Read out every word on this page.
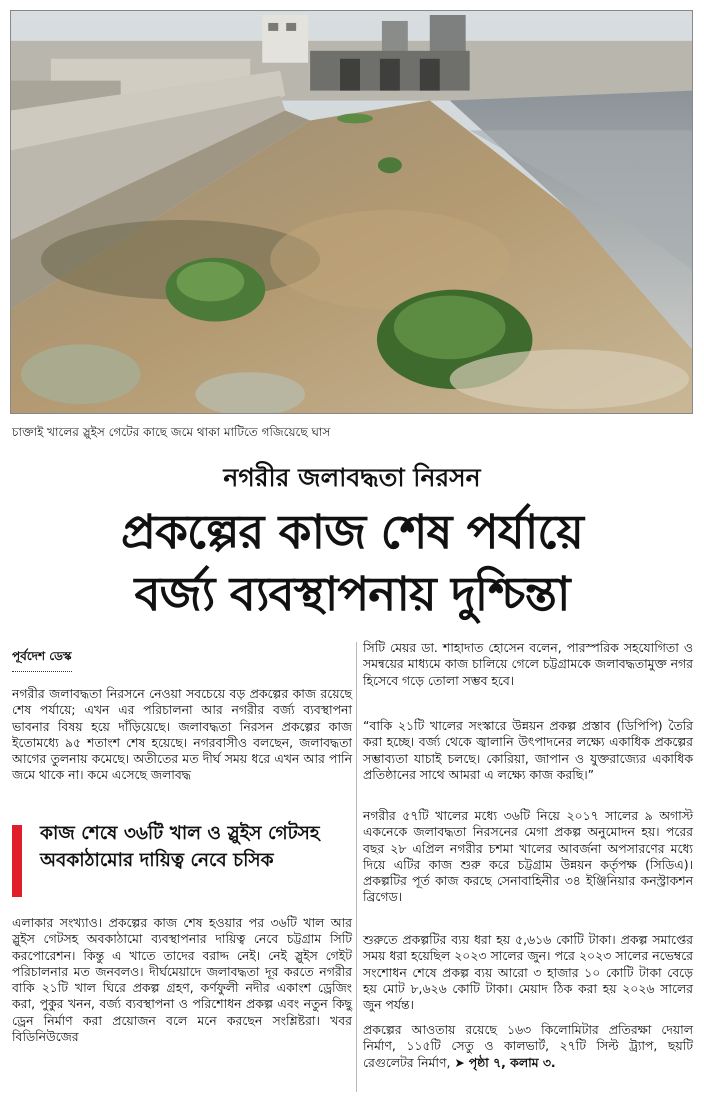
চাক্তাই খালের স্লুইস গেটের কাছে জমে থাকা মাটিতে গজিয়েছে ঘাস
নগরীর জলাবদ্ধতা নিরসন
প্রকল্পের কাজ শেষ পর্যায়ে
বর্জ্য ব্যবস্থাপনায় দুশ্চিন্তা
পূর্বদেশ ডেস্ক

নগরীর জলাবদ্ধতা নিরসনে নেওয়া সবচেয়ে বড় প্রকল্পের কাজ রয়েছে শেষ পর্যায়ে; এখন এর পরিচালনা আর নগরীর বর্জ্য ব্যবস্থাপনা ভাবনার বিষয় হয়ে দাঁড়িয়েছে। জলাবদ্ধতা নিরসন প্রকল্পের কাজ ইতোমধ্যে ৯৫ শতাংশ শেষ হয়েছে। নগরবাসীও বলছেন, জলাবদ্ধতা আগের তুলনায় কমেছে। অতীতের মত দীর্ঘ সময় ধরে এখন আর পানি জমে থাকে না। কমে এসেছে জলাবদ্ধ

কাজ শেষে ৩৬টি খাল ও স্লুইস গেটসহ অবকাঠামোর দায়িত্ব নেবে চসিক

এলাকার সংখ্যাও। প্রকল্পের কাজ শেষ হওয়ার পর ৩৬টি খাল আর স্লুইস গেটসহ অবকাঠামো ব্যবস্থাপনার দায়িত্ব নেবে চট্টগ্রাম সিটি করপোরেশন। কিন্তু এ খাতে তাদের বরাদ্দ নেই। নেই স্লুইস গেইট পরিচালনার মত জনবলও। দীর্ঘমেয়াদে জলাবদ্ধতা দূর করতে নগরীর বাকি ২১টি খাল ঘিরে প্রকল্প গ্রহণ, কর্ণফুলী নদীর একাংশ ড্রেজিং করা, পুকুর খনন, বর্জ্য ব্যবস্থাপনা ও পরিশোধন প্রকল্প এবং নতুন কিছু ড্রেন নির্মাণ করা প্রয়োজন বলে মনে করছেন সংশ্লিষ্টরা। খবর বিডিনিউজের

সিটি মেয়র ডা. শাহাদাত হোসেন বলেন, পারস্পরিক সহযোগিতা ও সমন্বয়ের মাধ্যমে কাজ চালিয়ে গেলে চট্টগ্রামকে জলাবদ্ধতামুক্ত নগর হিসেবে গড়ে তোলা সম্ভব হবে।

“বাকি ২১টি খালের সংস্কারে উন্নয়ন প্রকল্প প্রস্তাব (ডিপিপি) তৈরি করা হচ্ছে। বর্জ্য থেকে জ্বালানি উৎপাদনের লক্ষ্যে একাধিক প্রকল্পের সম্ভাব্যতা যাচাই চলছে। কোরিয়া, জাপান ও যুক্তরাজ্যের একাধিক প্রতিষ্ঠানের সাথে আমরা এ লক্ষ্যে কাজ করছি।”

নগরীর ৫৭টি খালের মধ্যে ৩৬টি নিয়ে ২০১৭ সালের ৯ অগাস্ট একনেকে জলাবদ্ধতা নিরসনের মেগা প্রকল্প অনুমোদন হয়। পরের বছর ২৮ এপ্রিল নগরীর চশমা খালের আবর্জনা অপসারণের মধ্যে দিয়ে এটির কাজ শুরু করে চট্টগ্রাম উন্নয়ন কর্তৃপক্ষ (সিডিএ)। প্রকল্পটির পূর্ত কাজ করছে সেনাবাহিনীর ৩৪ ইঞ্জিনিয়ার কনস্ট্রাকশন ব্রিগেড।

শুরুতে প্রকল্পটির ব্যয় ধরা হয় ৫,৬১৬ কোটি টাকা। প্রকল্প সমাপ্তের সময় ধরা হয়েছিল ২০২৩ সালের জুন। পরে ২০২৩ সালের নভেম্বরে সংশোধন শেষে প্রকল্প ব্যয় আরো ৩ হাজার ১০ কোটি টাকা বেড়ে হয় মোট ৮,৬২৬ কোটি টাকা। মেয়াদ ঠিক করা হয় ২০২৬ সালের জুন পর্যন্ত।

প্রকল্পের আওতায় রয়েছে ১৬৩ কিলোমিটার প্রতিরক্ষা দেয়াল নির্মাণ, ১১৫টি সেতু ও কালভার্ট, ২৭টি সিল্ট ট্র্যাপ, ছয়টি রেগুলেটর নির্মাণ, ➤ পৃষ্ঠা ৭, কলাম ৩.
